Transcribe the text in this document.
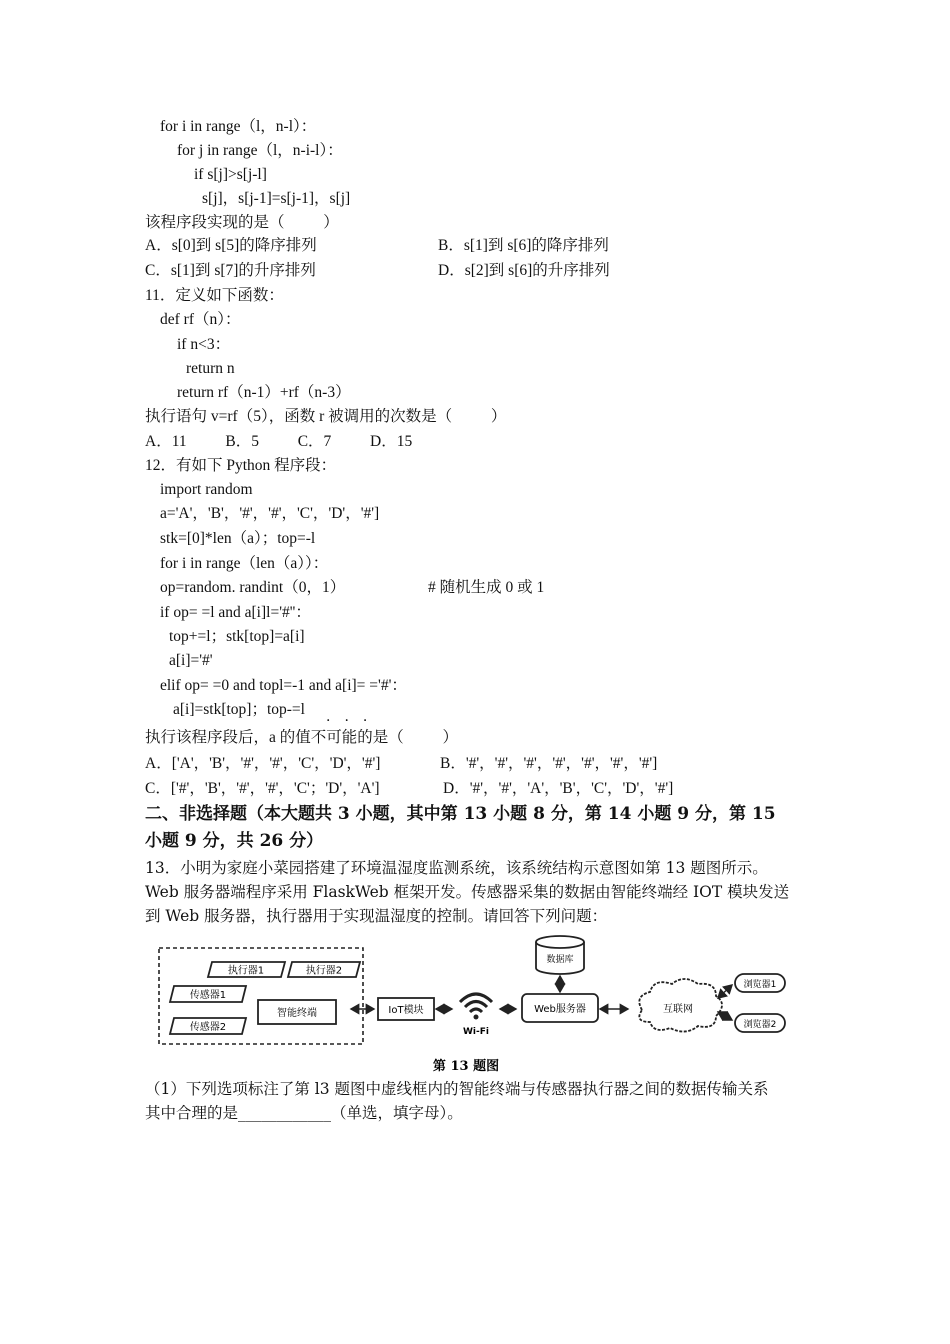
for i in range（l，n-l）：
for j in range（l，n-i-l）：
if s[j]>s[j-l]
s[j]，s[j-1]=s[j-1]，s[j]
该程序段实现的是（          ）
A．s[0]到 s[5]的降序排列	B．s[1]到 s[6]的降序排列
C．s[1]到 s[7]的升序排列	D．s[2]到 s[6]的升序排列
11．定义如下函数：
def rf（n）：
if n<3：
return n
return rf（n-1）+rf（n-3）
执行语句 v=rf（5），函数 r 被调用的次数是（          ）
A．11          B．5          C．7          D．15
12．有如下 Python 程序段：
import random
a='A'，'B'，'#'，'#'，'C'，'D'，'#']
stk=[0]*len（a）；top=-l
for i in range（len（a））：
op=random. randint（0，1）	# 随机生成 0 或 1
if op= =l and a[i]l='#''：
top+=l；stk[top]=a[i]
a[i]='#'
elif op= =0 and topl=-1 and a[i]= ='#'：
a[i]=stk[top]；top-=l
···
执行该程序段后，a 的值不可能的是（          ）
A．['A'，'B'，'#'，'#'，'C'，'D'，'#']	B．'#'，'#'，'#'，'#'，'#'，'#'，'#']
C．['#'，'B'，'#'，'#'，'C'；'D'，'A']	D．'#'，'#'，'A'，'B'，'C'，'D'，'#']
二、非选择题（本大题共 3 小题，其中第 13 小题 8 分，第 14 小题 9 分，第 15
小题 9 分，共 26 分）
13．小明为家庭小菜园搭建了环境温湿度监测系统，该系统结构示意图如第 13 题图所示。
Web 服务器端程序采用 FlaskWeb 框架开发。传感器采集的数据由智能终端经 IOT 模块发送
到 Web 服务器，执行器用于实现温湿度的控制。请回答下列问题：
执行器1	执行器2
传感器1
传感器2
智能终端	IoT模块
Wi-Fi
数据库
Web服务器	互联网
浏览器1
浏览器2
第 13 题图
（1）下列选项标注了第 l3 题图中虚线框内的智能终端与传感器执行器之间的数据传输关系
其中合理的是____________（单选，填字母）。
